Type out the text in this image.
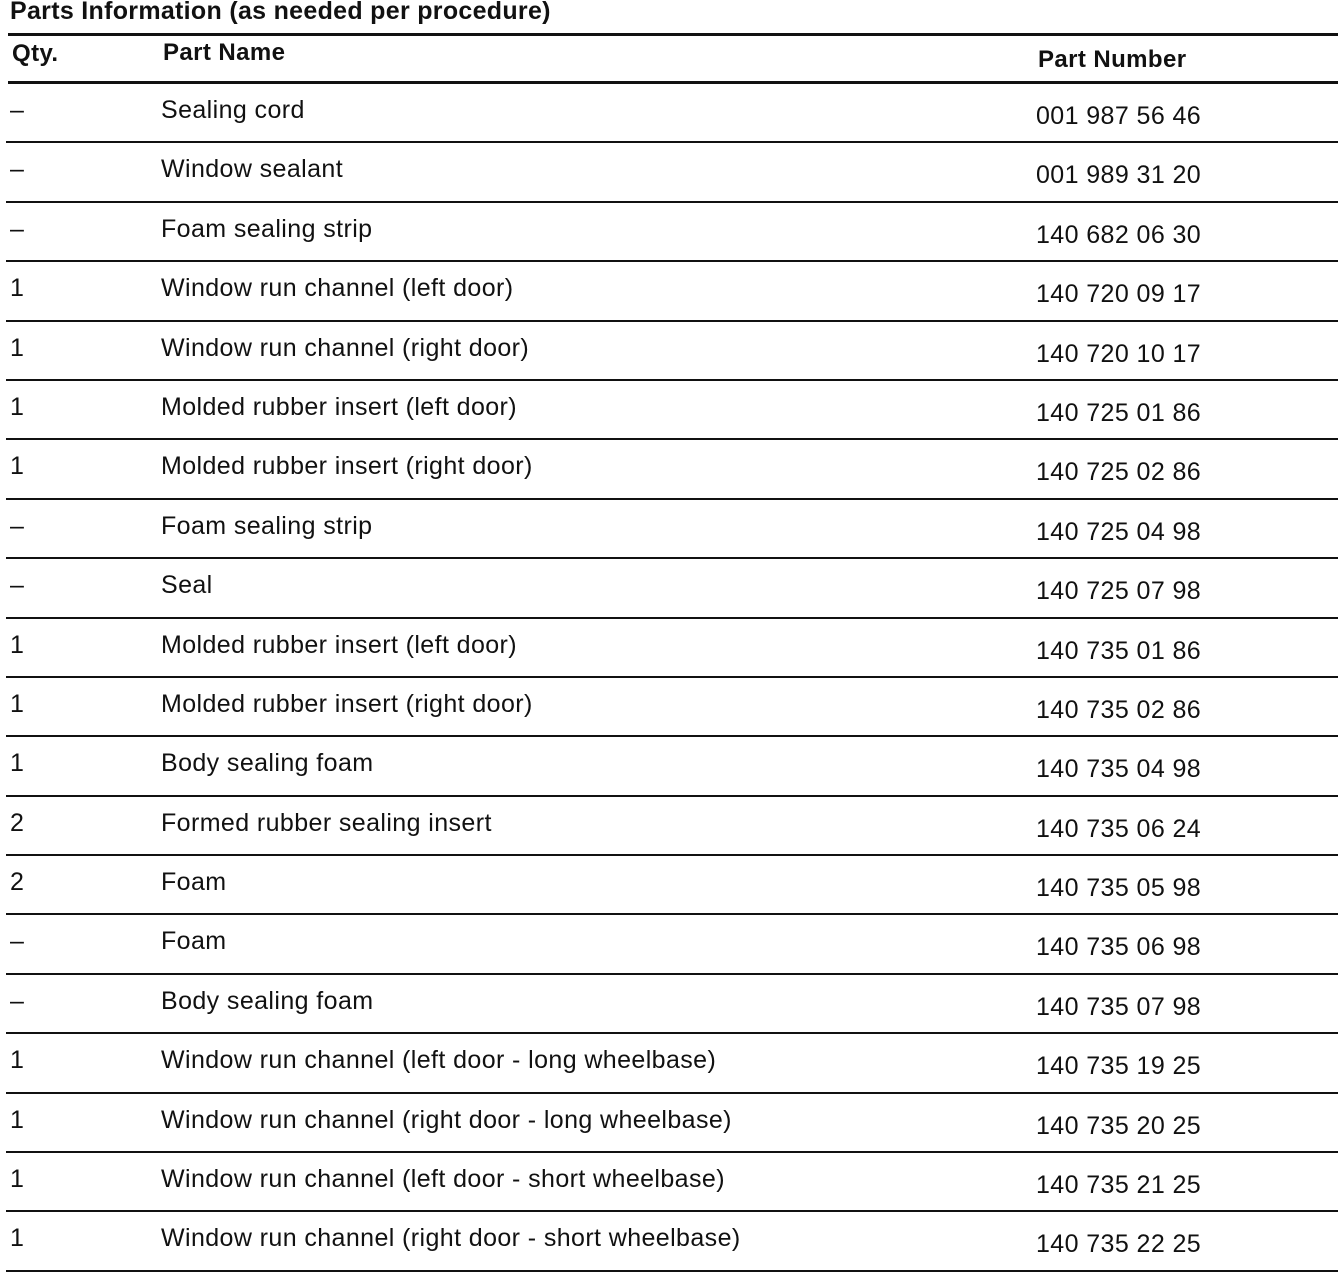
Parts Information (as needed per procedure)
Qty.	Part Name	Part Number
–	Sealing cord	001 987 56 46
–	Window sealant	001 989 31 20
–	Foam sealing strip	140 682 06 30
1	Window run channel (left door)	140 720 09 17
1	Window run channel (right door)	140 720 10 17
1	Molded rubber insert (left door)	140 725 01 86
1	Molded rubber insert (right door)	140 725 02 86
–	Foam sealing strip	140 725 04 98
–	Seal	140 725 07 98
1	Molded rubber insert (left door)	140 735 01 86
1	Molded rubber insert (right door)	140 735 02 86
1	Body sealing foam	140 735 04 98
2	Formed rubber sealing insert	140 735 06 24
2	Foam	140 735 05 98
–	Foam	140 735 06 98
–	Body sealing foam	140 735 07 98
1	Window run channel (left door - long wheelbase)	140 735 19 25
1	Window run channel (right door - long wheelbase)	140 735 20 25
1	Window run channel (left door - short wheelbase)	140 735 21 25
1	Window run channel (right door - short wheelbase)	140 735 22 25
